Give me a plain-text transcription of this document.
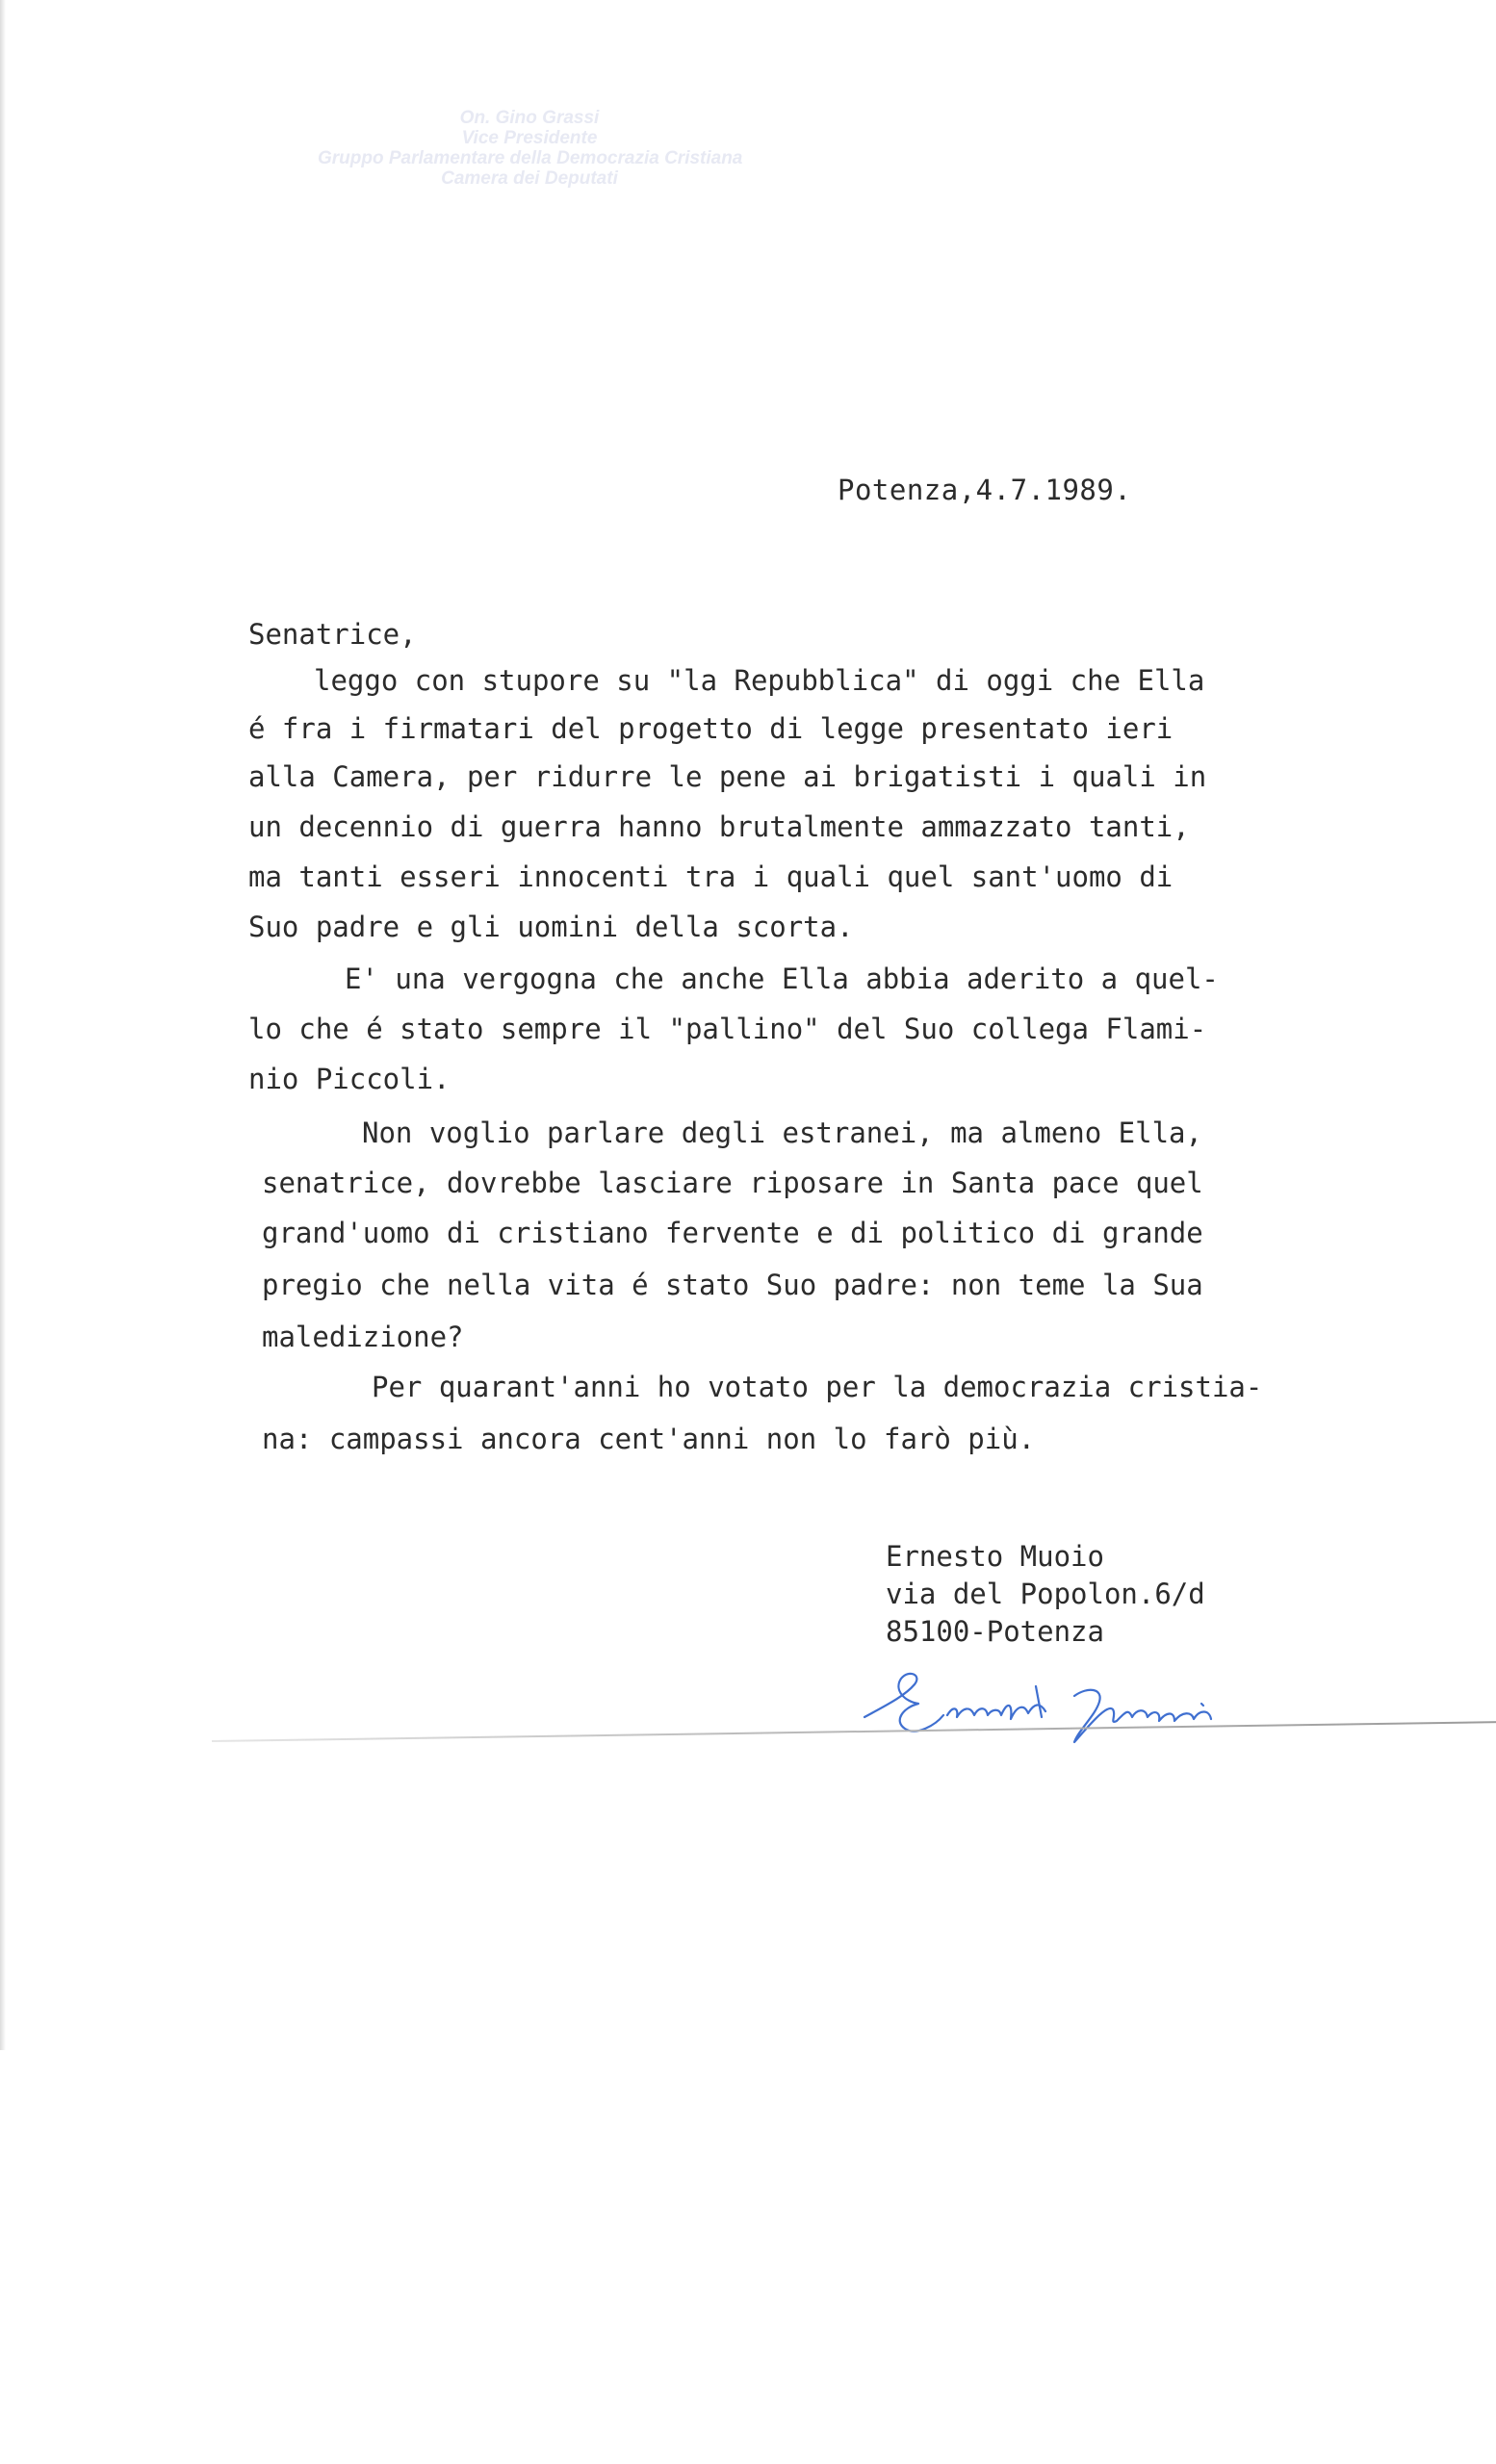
On. Gino Grassi
Vice Presidente
Gruppo Parlamentare della Democrazia Cristiana
Camera dei Deputati
Potenza,4.7.1989.
Senatrice,
leggo con stupore su "la Repubblica" di oggi che Ella
é fra i firmatari del progetto di legge presentato ieri
alla Camera, per ridurre le pene ai brigatisti i quali in
un decennio di guerra hanno brutalmente ammazzato tanti,
ma tanti esseri innocenti tra i quali quel sant'uomo di
Suo padre e gli uomini della scorta.
E' una vergogna che anche Ella abbia aderito a quel-
lo che é stato sempre il "pallino" del Suo collega Flami-
nio Piccoli.
Non voglio parlare degli estranei, ma almeno Ella,
senatrice, dovrebbe lasciare riposare in Santa pace quel
grand'uomo di cristiano fervente e di politico di grande
pregio che nella vita é stato Suo padre: non teme la Sua
maledizione?
Per quarant'anni ho votato per la democrazia cristia-
na: campassi ancora cent'anni non lo farò più.
Ernesto Muoio
via del Popolon.6/d
85100-Potenza
